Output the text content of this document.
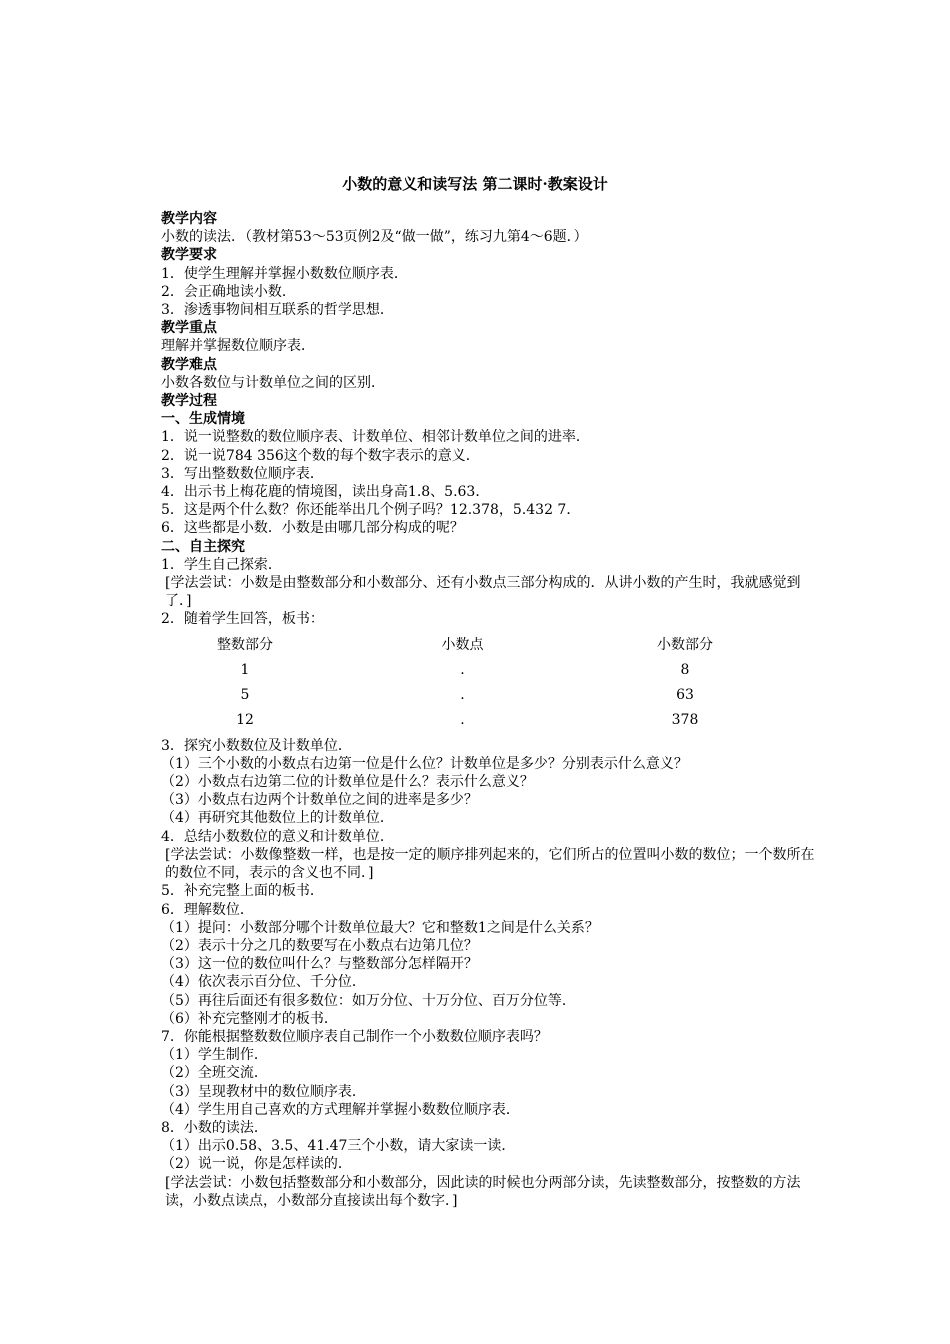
小数的意义和读写法 第二课时·教案设计

教学内容

小数的读法．（教材第53～53页例2及“做一做”，练习九第4～6题．）

教学要求

1．使学生理解并掌握小数数位顺序表．

2．会正确地读小数．

3．渗透事物间相互联系的哲学思想．

教学重点

理解并掌握数位顺序表．

教学难点

小数各数位与计数单位之间的区别．

教学过程

一、生成情境

1．说一说整数的数位顺序表、计数单位、相邻计数单位之间的进率．

2．说一说784 356这个数的每个数字表示的意义．

3．写出整数数位顺序表．

4．出示书上梅花鹿的情境图，读出身高1.8、5.63．

5．这是两个什么数？你还能举出几个例子吗？12.378，5.432 7．

6．这些都是小数．小数是由哪几部分构成的呢？

二、自主探究

1．学生自己探索．

[学法尝试：小数是由整数部分和小数部分、还有小数点三部分构成的．从讲小数的产生时，我就感觉到了．]

2．随着学生回答，板书：

整数部分	小数点	小数部分
1	.	8
5	.	63
12	.	378

3．探究小数数位及计数单位．

（1）三个小数的小数点右边第一位是什么位？计数单位是多少？分别表示什么意义？

（2）小数点右边第二位的计数单位是什么？表示什么意义？

（3）小数点右边两个计数单位之间的进率是多少？

（4）再研究其他数位上的计数单位．

4．总结小数数位的意义和计数单位．

[学法尝试：小数像整数一样，也是按一定的顺序排列起来的，它们所占的位置叫小数的数位；一个数所在的数位不同，表示的含义也不同．]

5．补充完整上面的板书．

6．理解数位．

（1）提问：小数部分哪个计数单位最大？它和整数1之间是什么关系？

（2）表示十分之几的数要写在小数点右边第几位？

（3）这一位的数位叫什么？与整数部分怎样隔开？

（4）依次表示百分位、千分位．

（5）再往后面还有很多数位：如万分位、十万分位、百万分位等．

（6）补充完整刚才的板书．

7．你能根据整数数位顺序表自己制作一个小数数位顺序表吗？

（1）学生制作．

（2）全班交流．

（3）呈现教材中的数位顺序表．

（4）学生用自己喜欢的方式理解并掌握小数数位顺序表．

8．小数的读法．

（1）出示0.58、3.5、41.47三个小数，请大家读一读．

（2）说一说，你是怎样读的．

[学法尝试：小数包括整数部分和小数部分，因此读的时候也分两部分读，先读整数部分，按整数的方法读，小数点读点，小数部分直接读出每个数字．]
